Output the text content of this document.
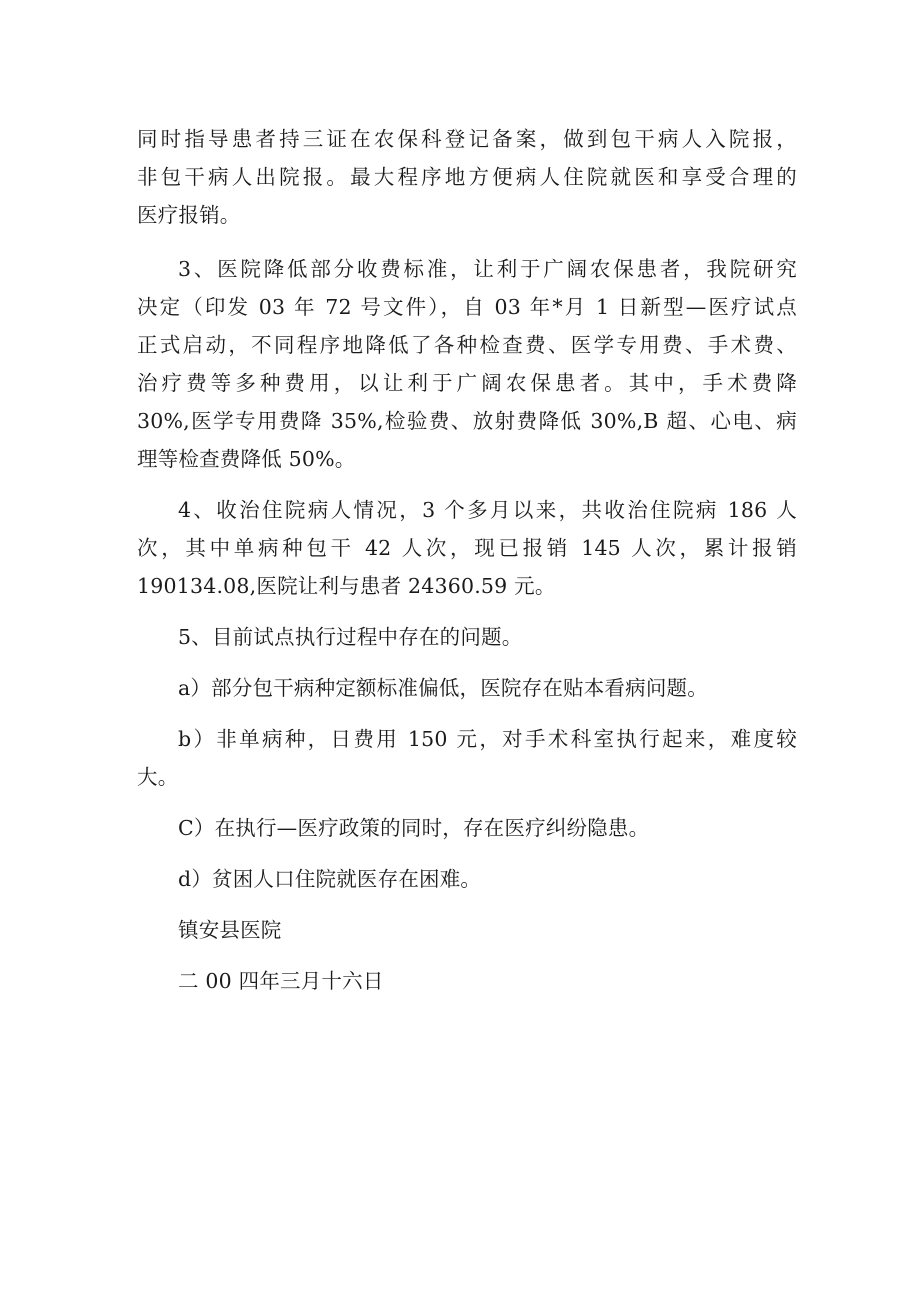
同时指导患者持三证在农保科登记备案，做到包干病人入院报，
非包干病人出院报。最大程序地方便病人住院就医和享受合理的
医疗报销。
3、医院降低部分收费标准，让利于广阔农保患者，我院研究
决定（印发 03 年 72 号文件），自 03 年*月 1 日新型—医疗试点
正式启动，不同程序地降低了各种检查费、医学专用费、手术费、
治疗费等多种费用，以让利于广阔农保患者。其中，手术费降
30%,医学专用费降 35%,检验费、放射费降低 30%,B 超、心电、病
理等检查费降低 50%。
4、收治住院病人情况，3 个多月以来，共收治住院病 186 人
次，其中单病种包干 42 人次，现已报销 145 人次，累计报销
190134.08,医院让利与患者 24360.59 元。
5、目前试点执行过程中存在的问题。
a）部分包干病种定额标准偏低，医院存在贴本看病问题。
b）非单病种，日费用 150 元，对手术科室执行起来，难度较
大。
C）在执行—医疗政策的同时，存在医疗纠纷隐患。
d）贫困人口住院就医存在困难。
镇安县医院
二 00 四年三月十六日
